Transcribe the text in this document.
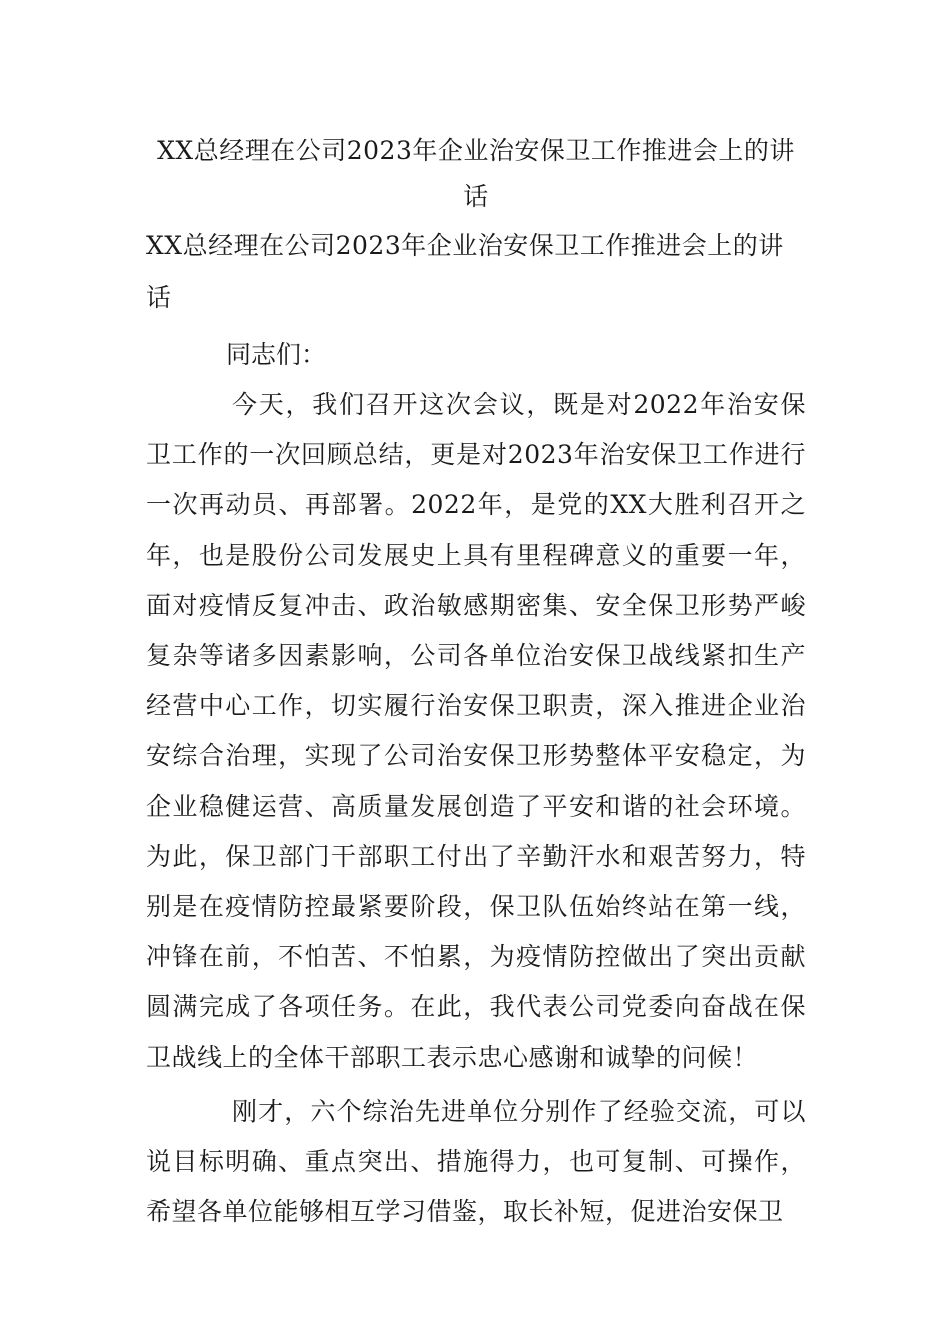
XX总经理在公司2023年企业治安保卫工作推进会上的讲话
XX总经理在公司2023年企业治安保卫工作推进会上的讲话
同志们：

今天，我们召开这次会议，既是对2022年治安保卫工作的一次回顾总结，更是对2023年治安保卫工作进行一次再动员、再部署。2022年，是党的XX大胜利召开之年，也是股份公司发展史上具有里程碑意义的重要一年，面对疫情反复冲击、政治敏感期密集、安全保卫形势严峻复杂等诸多因素影响，公司各单位治安保卫战线紧扣生产经营中心工作，切实履行治安保卫职责，深入推进企业治安综合治理，实现了公司治安保卫形势整体平安稳定，为企业稳健运营、高质量发展创造了平安和谐的社会环境。为此，保卫部门干部职工付出了辛勤汗水和艰苦努力，特别是在疫情防控最紧要阶段，保卫队伍始终站在第一线，冲锋在前，不怕苦、不怕累，为疫情防控做出了突出贡献圆满完成了各项任务。在此，我代表公司党委向奋战在保卫战线上的全体干部职工表示忠心感谢和诚挚的问候！

刚才，六个综治先进单位分别作了经验交流，可以说目标明确、重点突出、措施得力，也可复制、可操作，希望各单位能够相互学习借鉴，取长补短，促进治安保卫
